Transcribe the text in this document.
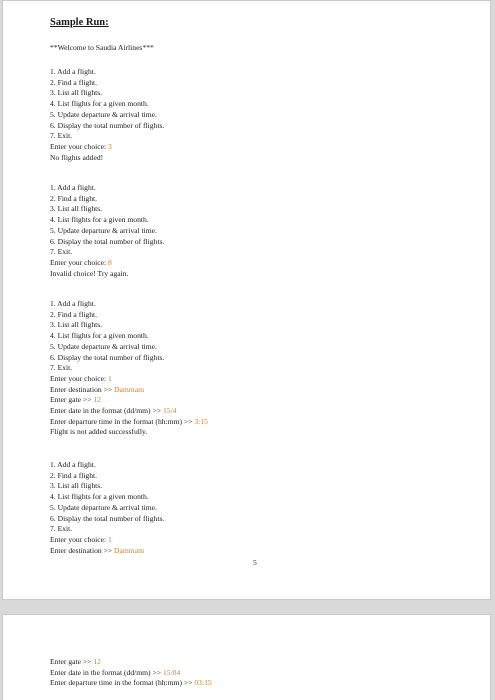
Sample Run:
**Welcome to Saudia Airlines***
1. Add a flight.
2. Find a flight.
3. List all flights.
4. List flights for a given month.
5. Update departure & arrival time.
6. Display the total number of flights.
7. Exit.
Enter your choice: 3
No flights added!
1. Add a flight.
2. Find a flight.
3. List all flights.
4. List flights for a given month.
5. Update departure & arrival time.
6. Display the total number of flights.
7. Exit.
Enter your choice: 8
Invalid choice! Try again.
1. Add a flight.
2. Find a flight.
3. List all flights.
4. List flights for a given month.
5. Update departure & arrival time.
6. Display the total number of flights.
7. Exit.
Enter your choice: 1
Enter destination >> Dammam
Enter gate >> 12
Enter date in the format (dd/mm) >> 15/4
Enter departure time in the format (hh:mm) >> 3:15
Flight is not added successfully.
1. Add a flight.
2. Find a flight.
3. List all flights.
4. List flights for a given month.
5. Update departure & arrival time.
6. Display the total number of flights.
7. Exit.
Enter your choice: 1
Enter destination >> Dammam
5
Enter gate >> 12
Enter date in the format (dd/mm) >> 15/04
Enter departure time in the format (hh:mm) >> 03:15
